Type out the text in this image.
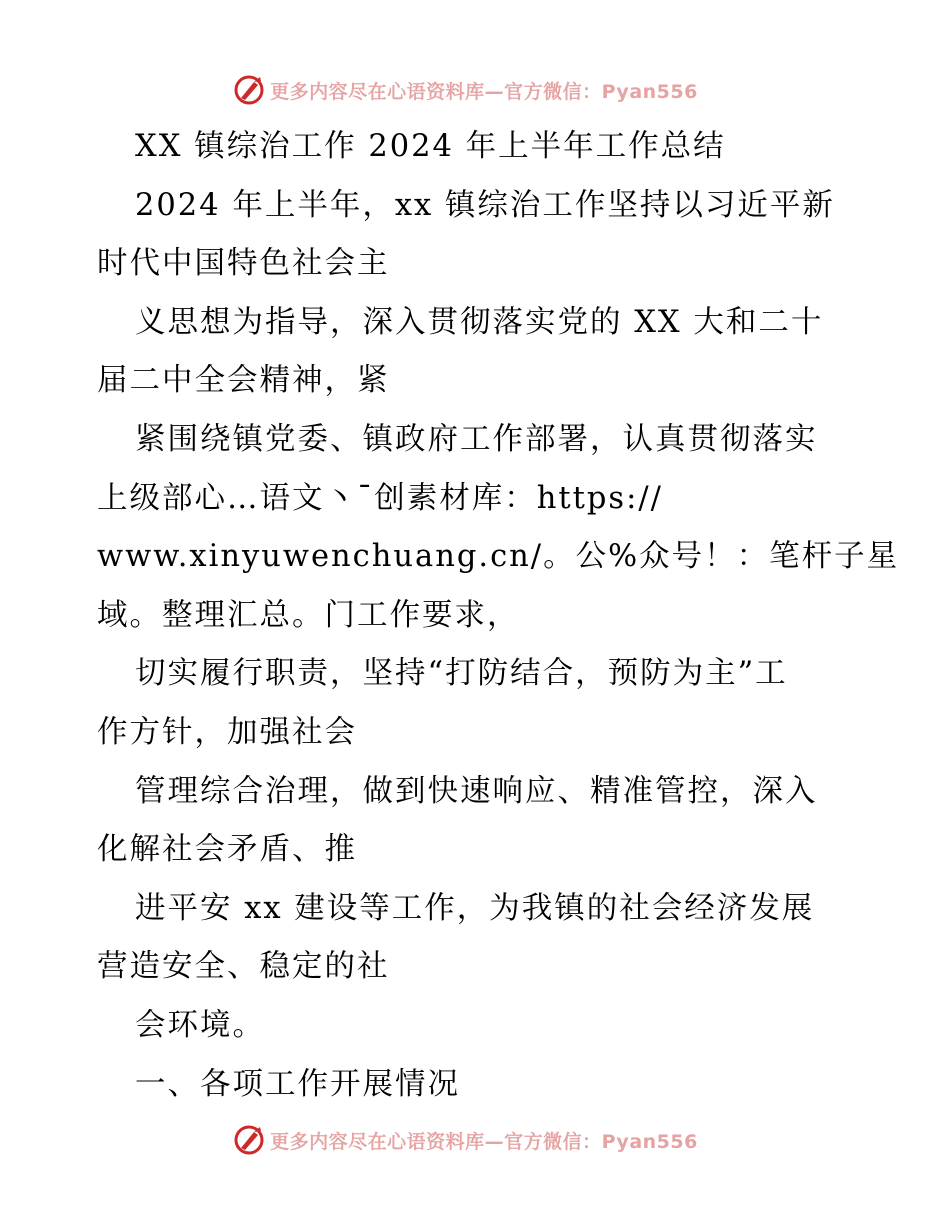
更多内容尽在心语资料库—官方微信：Pyan556
XX 镇综治工作 2024 年上半年工作总结
2024 年上半年，xx 镇综治工作坚持以习近平新
时代中国特色社会主
义思想为指导，深入贯彻落实党的 XX 大和二十
届二中全会精神，紧
紧围绕镇党委、镇政府工作部署，认真贯彻落实
上级部心…语文丶¯创素材库：https://
www.xinyuwenchuang.cn/。公%众号！：笔杆子星
域。整理汇总。门工作要求，
切实履行职责，坚持“打防结合，预防为主”工
作方针，加强社会
管理综合治理，做到快速响应、精准管控，深入
化解社会矛盾、推
进平安 xx 建设等工作，为我镇的社会经济发展
营造安全、稳定的社
会环境。
一、各项工作开展情况
更多内容尽在心语资料库—官方微信：Pyan556
